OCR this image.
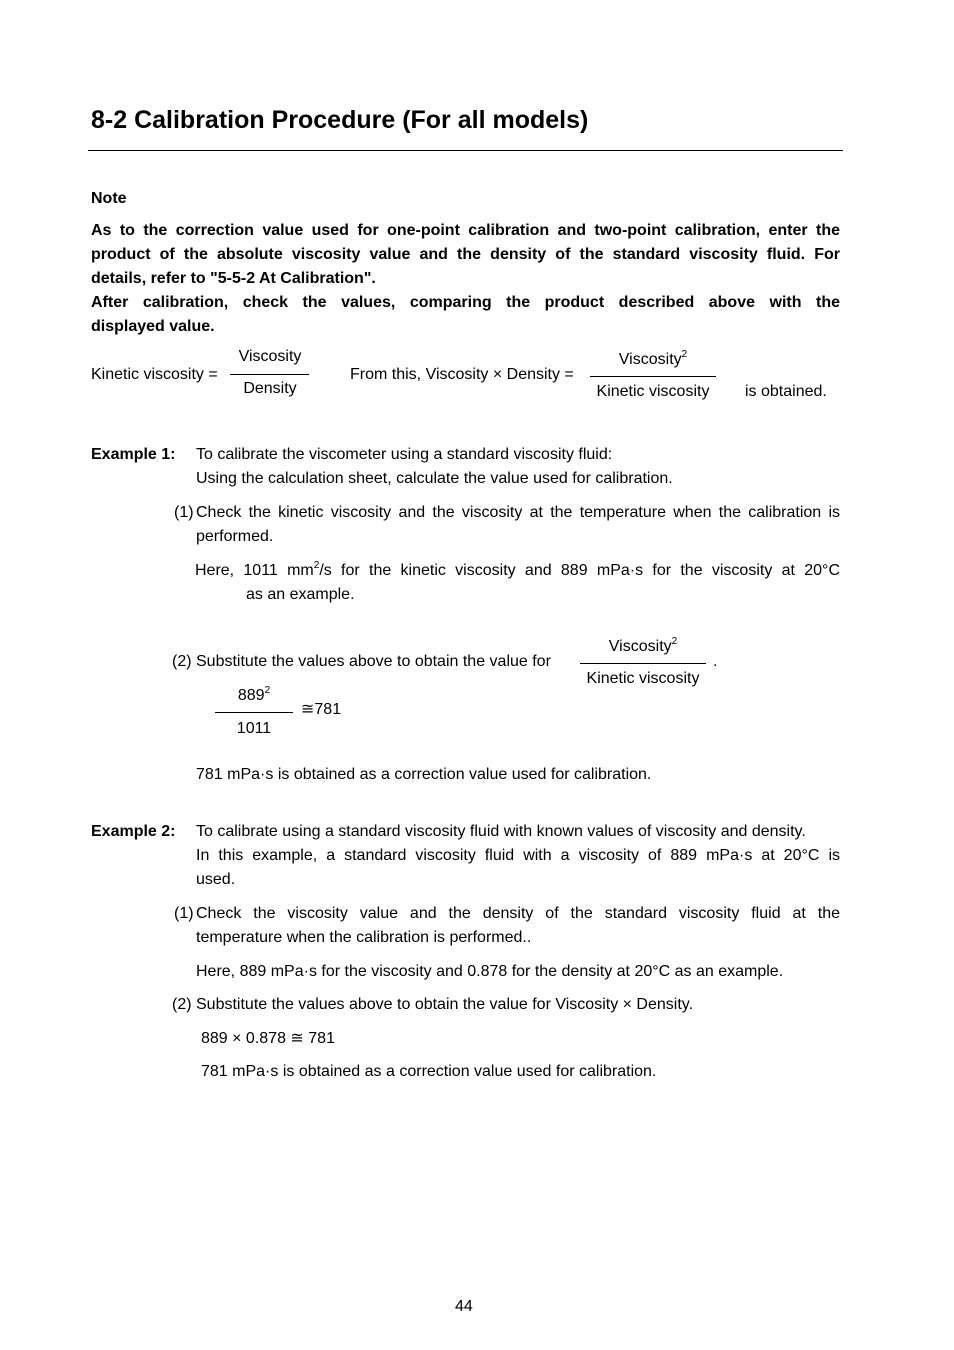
8-2 Calibration Procedure (For all models)
Note
As to the correction value used for one-point calibration and two-point calibration, enter the
product of the absolute viscosity value and the density of the standard viscosity fluid. For
details, refer to "5-5-2 At Calibration".
After calibration, check the values, comparing the product described above with the
displayed value.
Kinetic viscosity =
Viscosity
Density
From this, Viscosity × Density =
Viscosity$^2$
Kinetic viscosity	is obtained.
Example 1: To calibrate the viscometer using a standard viscosity fluid:
Using the calculation sheet, calculate the value used for calibration.
(1) Check the kinetic viscosity and the viscosity at the temperature when the calibration is
performed.
Here, 1011 $mm^2/s$ for the kinetic viscosity and 889 mPa·s for the viscosity at 20°C
as an example.
(2) Substitute the values above to obtain the value for
Viscosity$^2$
Kinetic viscosity
.
$889^2$
1011
≅781
781 mPa·s is obtained as a correction value used for calibration.
Example 2: To calibrate using a standard viscosity fluid with known values of viscosity and density.
In this example, a standard viscosity fluid with a viscosity of 889 mPa·s at 20°C is
used.
(1) Check the viscosity value and the density of the standard viscosity fluid at the
temperature when the calibration is performed..
Here, 889 mPa·s for the viscosity and 0.878 for the density at 20°C as an example.
(2) Substitute the values above to obtain the value for Viscosity × Density.
889 × 0.878 ≅ 781
781 mPa·s is obtained as a correction value used for calibration.
44
